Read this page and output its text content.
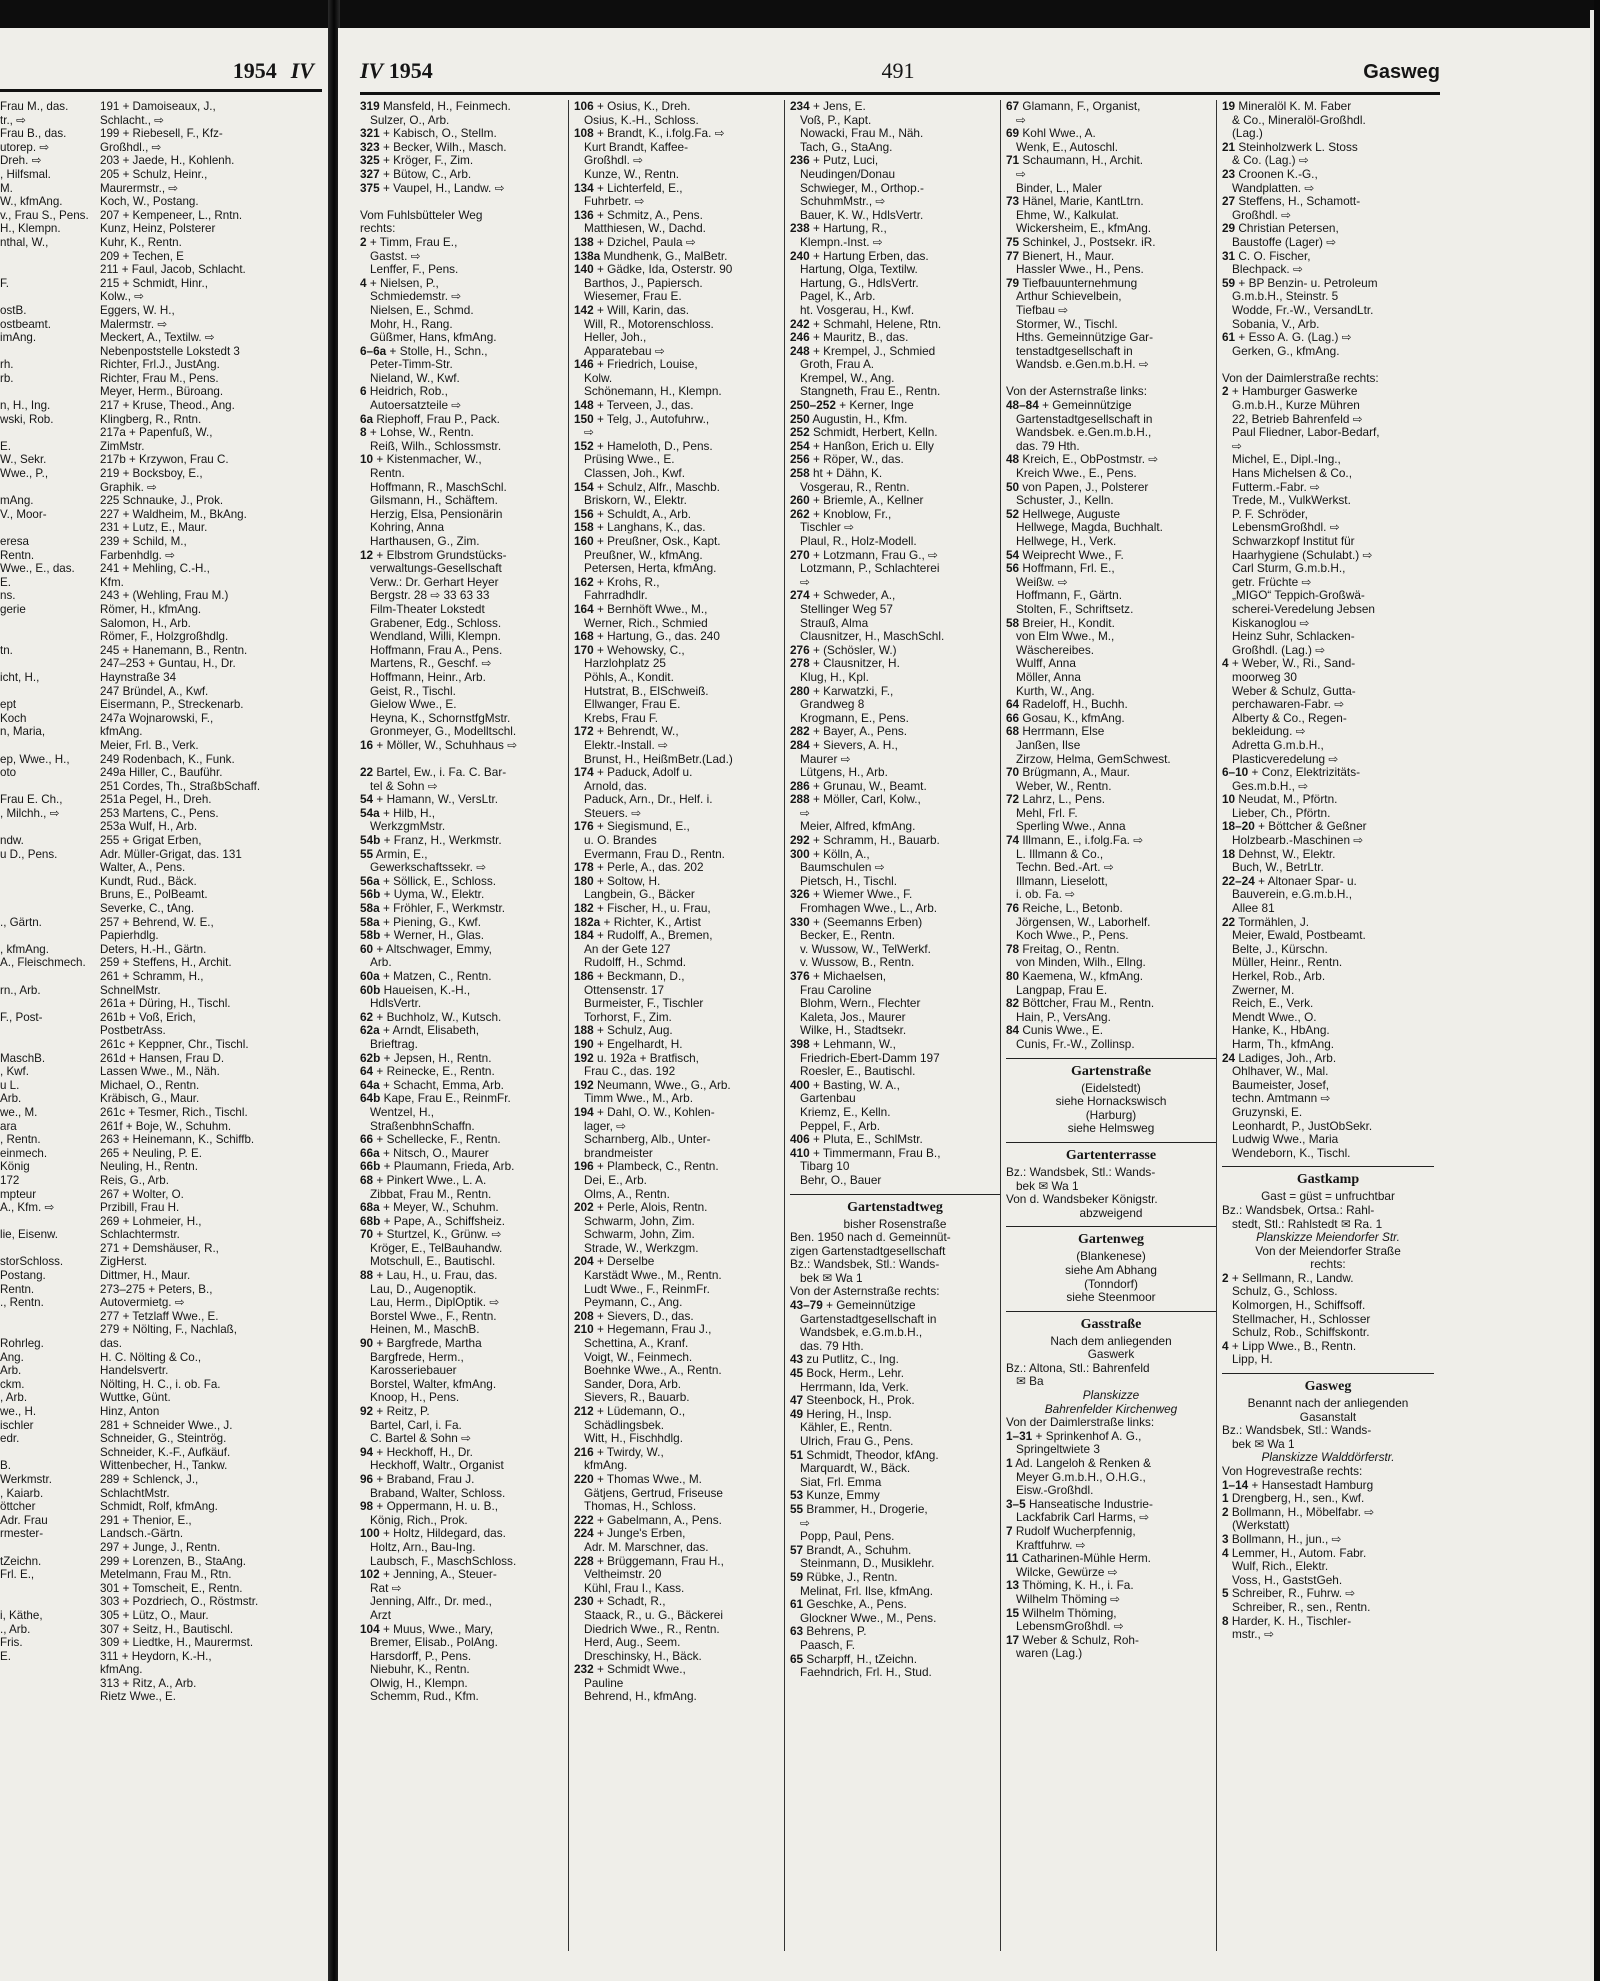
1954 IV IV 1954	491	Gasweg
Frau M., das.	191 + Damoiseaux, J.,
tr., ⇨	Schlacht., ⇨
Frau B., das.	199 + Riebesell, F., Kfz-
utorep. ⇨	Großhdl., ⇨
Dreh. ⇨	203 + Jaede, H., Kohlenh.
, Hilfsmal.	205 + Schulz, Heinr.,
M.	Maurermstr., ⇨
W., kfmAng.	Koch, W., Postang.
v., Frau S., Pens. 207 + Kempeneer, L., Rntn.
H., Klempn.	Kunz, Heinz, Polsterer
nthal, W.,	Kuhr, K., Rentn.
209 + Techen, E
211 + Faul, Jacob, Schlacht.
F.	215 + Schmidt, Hinr.,
Kolw., ⇨
ostB.	Eggers, W. H.,
ostbeamt.	Malermstr. ⇨
imAng.	Meckert, A., Textilw. ⇨
Nebenpoststelle Lokstedt 3
rh.	Richter, Frl.J., JustAng.
rb.	Richter, Frau M., Pens.
Meyer, Herm., Büroang.
n, H., Ing.	217 + Kruse, Theod., Ang.
wski, Rob.	Klingberg, R., Rntn.
217a + Papenfuß, W.,
E.	ZimMstr.
W., Sekr.	217b + Krzywon, Frau C.
Wwe., P.,	219 + Bocksboy, E.,
Graphik. ⇨
mAng.	225 Schnauke, J., Prok.
V., Moor-	227 + Waldheim, M., BkAng.
231 + Lutz, E., Maur.
eresa	239 + Schild, M.,
Rentn.	Farbenhdlg. ⇨
Wwe., E., das. 241 + Mehling, C.-H.,
E.	Kfm.
ns.	243 + (Wehling, Frau M.)
gerie	Römer, H., kfmAng.
Salomon, H., Arb.
Römer, F., Holzgroßhdlg.
tn.	245 + Hanemann, B., Rentn.
247–253 + Guntau, H., Dr.
icht, H.,	Haynstraße 34
247 Bründel, A., Kwf.
ept	Eisermann, P., Streckenarb.
Koch	247a Wojnarowski, F.,
n, Maria,	kfmAng.
Meier, Frl. B., Verk.
ep, Wwe., H.,	249 Rodenbach, K., Funk.
oto	249a Hiller, C., Bauführ.
251 Cordes, Th., StraßbSchaff.
Frau E. Ch.,	251a Pegel, H., Dreh.
, Milchh., ⇨	253 Martens, C., Pens.
253a Wulf, H., Arb.
ndw.	255 + Grigat Erben,
u D., Pens.	Adr. Müller-Grigat, das. 131
Walter, A., Pens.
Kundt, Rud., Bäck.
Bruns, E., PolBeamt.
Severke, C., tAng.
., Gärtn.	257 + Behrend, W. E.,
Papierhdlg.
, kfmAng.	Deters, H.-H., Gärtn.
A., Fleischmech. 259 + Steffens, H., Archit.
261 + Schramm, H.,
rn., Arb.	SchnelMstr.
261a + Düring, H., Tischl.
F., Post-	261b + Voß, Erich,
PostbetrAss.
261c + Keppner, Chr., Tischl.
MaschB.	261d + Hansen, Frau D.
, Kwf.	Lassen Wwe., M., Näh.
u L.	Michael, O., Rentn.
Arb.	Kräbisch, G., Maur.
we., M.	261c + Tesmer, Rich., Tischl.
ara	261f + Boje, W., Schuhm.
, Rentn.	263 + Heinemann, K., Schiffb.
einmech.	265 + Neuling, P. E.
König	Neuling, H., Rentn.
172	Reis, G., Arb.
mpteur	267 + Wolter, O.
A., Kfm. ⇨	Przibill, Frau H.
269 + Lohmeier, H.,
lie, Eisenw.	Schlachtermstr.
271 + Demshäuser, R.,
storSchloss.	ZigHerst.
Postang.	Dittmer, H., Maur.
Rentn.	273–275 + Peters, B.,
., Rentn.	Autovermietg. ⇨
277 + Tetzlaff Wwe., E.
279 + Nölting, F., Nachlaß,
Rohrleg.	das.
Ang.	H. C. Nölting & Co.,
Arb.	Handelsvertr.
ckm.	Nölting, H. C., i. ob. Fa.
, Arb.	Wuttke, Günt.
we., H.	Hinz, Anton
ischler	281 + Schneider Wwe., J.
edr.	Schneider, G., Steintrög.
Schneider, K.-F., Aufkäuf.
B.	Wittenbecher, H., Tankw.
Werkmstr.	289 + Schlenck, J.,
, Kaiarb.	SchlachtMstr.
öttcher	Schmidt, Rolf, kfmAng.
Adr. Frau	291 + Thenior, E.,
rmester-	Landsch.-Gärtn.
297 + Junge, J., Rentn.
tZeichn.	299 + Lorenzen, B., StaAng.
Frl. E.,	Metelmann, Frau M., Rtn.
301 + Tomscheit, E., Rentn.
303 + Pozdriech, O., Röstmstr.
i, Käthe,	305 + Lütz, O., Maur.
., Arb.	307 + Seitz, H., Bautischl.
Fris.	309 + Liedtke, H., Maurermst.
E.	311 + Heydorn, K.-H.,
kfmAng.
313 + Ritz, A., Arb.
Rietz Wwe., E.
319 Mansfeld, H., Feinmech.
Sulzer, O., Arb.
321 + Kabisch, O., Stellm.
323 + Becker, Wilh., Masch.
325 + Kröger, F., Zim.
327 + Bütow, C., Arb.
375 + Vaupel, H., Landw. ⇨

Vom Fuhlsbütteler Weg
rechts:
2 + Timm, Frau E.,
Gastst. ⇨
Lenffer, F., Pens.
4 + Nielsen, P.,
Schmiedemstr. ⇨
Nielsen, E., Schmd.
Mohr, H., Rang.
Güßmer, Hans, kfmAng.
6–6a + Stolle, H., Schn.,
Peter-Timm-Str.
Nieland, W., Kwf.
6 Heidrich, Rob.,
Autoersatzteile ⇨
6a Riephoff, Frau P., Pack.
8 + Lohse, W., Rentn.
Reiß, Wilh., Schlossmstr.
10 + Kistenmacher, W.,
Rentn.
Hoffmann, R., MaschSchl.
Gilsmann, H., Schäftem.
Herzig, Elsa, Pensionärin
Kohring, Anna
Harthausen, G., Zim.
12 + Elbstrom Grundstücks-
verwaltungs-Gesellschaft
Verw.: Dr. Gerhart Heyer
Bergstr. 28 ⇨ 33 63 33
Film-Theater Lokstedt
Grabener, Edg., Schloss.
Wendland, Willi, Klempn.
Hoffmann, Frau A., Pens.
Martens, R., Geschf. ⇨
Hoffmann, Heinr., Arb.
Geist, R., Tischl.
Gielow Wwe., E.
Heyna, K., SchornstfgMstr.
Gronmeyer, G., Modelltschl.
16 + Möller, W., Schuhhaus ⇨

22 Bartel, Ew., i. Fa. C. Bar-
tel & Sohn ⇨
54 + Hamann, W., VersLtr.
54a + Hilb, H.,
WerkzgmMstr.
54b + Franz, H., Werkmstr.
55 Armin, E.,
Gewerkschaftssekr. ⇨
56a + Söllick, E., Schloss.
56b + Uyma, W., Elektr.
58a + Fröhler, F., Werkmstr.
58a + Piening, G., Kwf.
58b + Werner, H., Glas.
60 + Altschwager, Emmy,
Arb.
60a + Matzen, C., Rentn.
60b Haueisen, K.-H.,
HdlsVertr.
62 + Buchholz, W., Kutsch.
62a + Arndt, Elisabeth,
Brieftrag.
62b + Jepsen, H., Rentn.
64 + Reinecke, E., Rentn.
64a + Schacht, Emma, Arb.
64b Kape, Frau E., ReinmFr.
Wentzel, H.,
StraßenbhnSchaffn.
66 + Schellecke, F., Rentn.
66a + Nitsch, O., Maurer
66b + Plaumann, Frieda, Arb.
68 + Pinkert Wwe., L. A.
Zibbat, Frau M., Rentn.
68a + Meyer, W., Schuhm.
68b + Pape, A., Schiffsheiz.
70 + Sturtzel, K., Grünw. ⇨
Kröger, E., TelBauhandw.
Motschull, E., Bautischl.
88 + Lau, H., u. Frau, das.
Lau, D., Augenoptik.
Lau, Herm., DiplOptik. ⇨
Borstel Wwe., F., Rentn.
Heinen, M., MaschB.
90 + Bargfrede, Martha
Bargfrede, Herm.,
Karosseriebauer
Borstel, Walter, kfmAng.
Knoop, H., Pens.
92 + Reitz, P.
Bartel, Carl, i. Fa.
C. Bartel & Sohn ⇨
94 + Heckhoff, H., Dr.
Heckhoff, Waltr., Organist
96 + Braband, Frau J.
Braband, Walter, Schloss.
98 + Oppermann, H. u. B.,
König, Rich., Prok.
100 + Holtz, Hildegard, das.
Holtz, Arn., Bau-Ing.
Laubsch, F., MaschSchloss.
102 + Jenning, A., Steuer-
Rat ⇨
Jenning, Alfr., Dr. med.,
Arzt
104 + Muus, Wwe., Mary,
Bremer, Elisab., PolAng.
Harsdorff, P., Pens.
Niebuhr, K., Rentn.
Olwig, H., Klempn.
Schemm, Rud., Kfm.
106 + Osius, K., Dreh.
Osius, K.-H., Schloss.
108 + Brandt, K., i.folg.Fa. ⇨
Kurt Brandt, Kaffee-
Großhdl. ⇨
Kunze, W., Rentn.
134 + Lichterfeld, E.,
Fuhrbetr. ⇨
136 + Schmitz, A., Pens.
Matthiesen, W., Dachd.
138 + Dzichel, Paula ⇨
138a Mundhenk, G., MalBetr.
140 + Gädke, Ida, Osterstr. 90
Barthos, J., Papiersch.
Wiesemer, Frau E.
142 + Will, Karin, das.
Will, R., Motorenschloss.
Heller, Joh.,
Apparatebau ⇨
146 + Friedrich, Louise,
Kolw.
Schönemann, H., Klempn.
148 + Terveen, J., das.
150 + Telg, J., Autofuhrw.,
⇨
152 + Hameloth, D., Pens.
Prüsing Wwe., E.
Classen, Joh., Kwf.
154 + Schulz, Alfr., Maschb.
Briskorn, W., Elektr.
156 + Schuldt, A., Arb.
158 + Langhans, K., das.
160 + Preußner, Osk., Kapt.
Preußner, W., kfmAng.
Petersen, Herta, kfmAng.
162 + Krohs, R.,
Fahrradhdlr.
164 + Bernhöft Wwe., M.,
Werner, Rich., Schmied
168 + Hartung, G., das. 240
170 + Wehowsky, C.,
Harzlohplatz 25
Pöhls, A., Kondit.
Hutstrat, B., ElSchweiß.
Ellwanger, Frau E.
Krebs, Frau F.
172 + Behrendt, W.,
Elektr.-Install. ⇨
Brunst, H., HeißmBetr.(Lad.)
174 + Paduck, Adolf u.
Arnold, das.
Paduck, Arn., Dr., Helf. i.
Steuers. ⇨
176 + Siegismund, E.,
u. O. Brandes
Evermann, Frau D., Rentn.
178 + Perle, A., das. 202
180 + Soltow, H.
Langbein, G., Bäcker
182 + Fischer, H., u. Frau,
182a + Richter, K., Artist
184 + Rudolff, A., Bremen,
An der Gete 127
Rudolff, H., Schmd.
186 + Beckmann, D.,
Ottensenstr. 17
Burmeister, F., Tischler
Torhorst, F., Zim.
188 + Schulz, Aug.
190 + Engelhardt, H.
192 u. 192a + Bratfisch,
Frau C., das. 192
192 Neumann, Wwe., G., Arb.
Timm Wwe., M., Arb.
194 + Dahl, O. W., Kohlen-
lager, ⇨
Scharnberg, Alb., Unter-
brandmeister
196 + Plambeck, C., Rentn.
Dei, E., Arb.
Olms, A., Rentn.
202 + Perle, Alois, Rentn.
Schwarm, John, Zim.
Schwarm, John, Zim.
Strade, W., Werkzgm.
204 + Derselbe
Karstädt Wwe., M., Rentn.
Ludt Wwe., F., ReinmFr.
Peymann, C., Ang.
208 + Sievers, D., das.
210 + Hegemann, Frau J.,
Schettina, A., Kranf.
Voigt, W., Feinmech.
Boehnke Wwe., A., Rentn.
Sander, Dora, Arb.
Sievers, R., Bauarb.
212 + Lüdemann, O.,
Schädlingsbek.
Witt, H., Fischhdlg.
216 + Twirdy, W.,
kfmAng.
220 + Thomas Wwe., M.
Gätjens, Gertrud, Friseuse
Thomas, H., Schloss.
222 + Gabelmann, A., Pens.
224 + Junge's Erben,
Adr. M. Marschner, das.
228 + Brüggemann, Frau H.,
Veltheimstr. 20
Kühl, Frau I., Kass.
230 + Schadt, R.,
Staack, R., u. G., Bäckerei
Diedrich Wwe., R., Rentn.
Herd, Aug., Seem.
Dreschinsky, H., Bäck.
232 + Schmidt Wwe.,
Pauline
Behrend, H., kfmAng.
234 + Jens, E.
Voß, P., Kapt.
Nowacki, Frau M., Näh.
Tach, G., StaAng.
236 + Putz, Luci,
Neudingen/Donau
Schwieger, M., Orthop.-
SchuhmMstr., ⇨
Bauer, K. W., HdlsVertr.
238 + Hartung, R.,
Klempn.-Inst. ⇨
240 + Hartung Erben, das.
Hartung, Olga, Textilw.
Hartung, G., HdlsVertr.
Pagel, K., Arb.
ht. Vosgerau, H., Kwf.
242 + Schmahl, Helene, Rtn.
246 + Mauritz, B., das.
248 + Krempel, J., Schmied
Groth, Frau A.
Krempel, W., Ang.
Stangneth, Frau E., Rentn.
250–252 + Kerner, Inge
250 Augustin, H., Kfm.
252 Schmidt, Herbert, Kelln.
254 + Hanßon, Erich u. Elly
256 + Röper, W., das.
258 ht + Dähn, K.
Vosgerau, R., Rentn.
260 + Briemle, A., Kellner
262 + Knoblow, Fr.,
Tischler ⇨
Plaul, R., Holz-Modell.
270 + Lotzmann, Frau G., ⇨
Lotzmann, P., Schlachterei
⇨
274 + Schweder, A.,
Stellinger Weg 57
Strauß, Alma
Clausnitzer, H., MaschSchl.
276 + (Schösler, W.)
278 + Clausnitzer, H.
Klug, H., Kpl.
280 + Karwatzki, F.,
Grandweg 8
Krogmann, E., Pens.
282 + Bayer, A., Pens.
284 + Sievers, A. H.,
Maurer ⇨
Lütgens, H., Arb.
286 + Grunau, W., Beamt.
288 + Möller, Carl, Kolw.,
⇨
Meier, Alfred, kfmAng.
292 + Schramm, H., Bauarb.
300 + Kölln, A.,
Baumschulen ⇨
Pietsch, H., Tischl.
326 + Wiemer Wwe., F.
Fromhagen Wwe., L., Arb.
330 + (Seemanns Erben)
Becker, E., Rentn.
v. Wussow, W., TelWerkf.
v. Wussow, B., Rentn.
376 + Michaelsen,
Frau Caroline
Blohm, Wern., Flechter
Kaleta, Jos., Maurer
Wilke, H., Stadtsekr.
398 + Lehmann, W.,
Friedrich-Ebert-Damm 197
Roesler, E., Bautischl.
400 + Basting, W. A.,
Gartenbau
Kriemz, E., Kelln.
Peppel, F., Arb.
406 + Pluta, E., SchlMstr.
410 + Timmermann, Frau B.,
Tibarg 10
Behr, O., Bauer
Gartenstadtweg
bisher Rosenstraße
Ben. 1950 nach d. Gemeinnüt-
zigen Gartenstadtgesellschaft
Bz.: Wandsbek, Stl.: Wands-
bek ✉ Wa 1
Von der Asternstraße rechts:
43–79 + Gemeinnützige
Gartenstadtgesellschaft in
Wandsbek, e.G.m.b.H.,
das. 79 Hth.
43 zu Putlitz, C., Ing.
45 Bock, Herm., Lehr.
Herrmann, Ida, Verk.
47 Steenbock, H., Prok.
49 Hering, H., Insp.
Kähler, E., Rentn.
Ulrich, Frau G., Pens.
51 Schmidt, Theodor, kfAng.
Marquardt, W., Bäck.
Siat, Frl. Emma
53 Kunze, Emmy
55 Brammer, H., Drogerie,
⇨
Popp, Paul, Pens.
57 Brandt, A., Schuhm.
Steinmann, D., Musiklehr.
59 Rübke, J., Rentn.
Melinat, Frl. Ilse, kfmAng.
61 Geschke, A., Pens.
Glockner Wwe., M., Pens.
63 Behrens, P.
Paasch, F.
65 Scharpff, H., tZeichn.
Faehndrich, Frl. H., Stud.
67 Glamann, F., Organist,
⇨
69 Kohl Wwe., A.
Wenk, E., Autoschl.
71 Schaumann, H., Archit.
⇨
Binder, L., Maler
73 Hänel, Marie, KantLtrn.
Ehme, W., Kalkulat.
Wickersheim, E., kfmAng.
75 Schinkel, J., Postsekr. iR.
77 Bienert, H., Maur.
Hassler Wwe., H., Pens.
79 Tiefbauunternehmung
Arthur Schievelbein,
Tiefbau ⇨
Stormer, W., Tischl.
Hths. Gemeinnützige Gar-
tenstadtgesellschaft in
Wandsb. e.Gen.m.b.H. ⇨

Von der Asternstraße links:
48–84 + Gemeinnützige
Gartenstadtgesellschaft in
Wandsbek. e.Gen.m.b.H.,
das. 79 Hth.
48 Kreich, E., ObPostmstr. ⇨
Kreich Wwe., E., Pens.
50 von Papen, J., Polsterer
Schuster, J., Kelln.
52 Hellwege, Auguste
Hellwege, Magda, Buchhalt.
Hellwege, H., Verk.
54 Weiprecht Wwe., F.
56 Hoffmann, Frl. E.,
Weißw. ⇨
Hoffmann, F., Gärtn.
Stolten, F., Schriftsetz.
58 Breier, H., Kondit.
von Elm Wwe., M.,
Wäschereibes.
Wulff, Anna
Möller, Anna
Kurth, W., Ang.
64 Radeloff, H., Buchh.
66 Gosau, K., kfmAng.
68 Herrmann, Else
Janßen, Ilse
Zirzow, Helma, GemSchwest.
70 Brügmann, A., Maur.
Weber, W., Rentn.
72 Lahrz, L., Pens.
Mehl, Frl. F.
Sperling Wwe., Anna
74 Illmann, E., i.folg.Fa. ⇨
L. Illmann & Co.,
Techn. Bed.-Art. ⇨
Illmann, Lieselott,
i. ob. Fa. ⇨
76 Reiche, L., Betonb.
Jörgensen, W., Laborhelf.
Koch Wwe., P., Pens.
78 Freitag, O., Rentn.
von Minden, Wilh., Ellng.
80 Kaemena, W., kfmAng.
Langpap, Frau E.
82 Böttcher, Frau M., Rentn.
Hain, P., VersAng.
84 Cunis Wwe., E.
Cunis, Fr.-W., Zollinsp.
Gartenstraße
(Eidelstedt)
siehe Hornackswisch
(Harburg)
siehe Helmsweg
Gartenterrasse
Bz.: Wandsbek, Stl.: Wands-
bek ✉ Wa 1
Von d. Wandsbeker Königstr.
abzweigend
Gartenweg
(Blankenese)
siehe Am Abhang
(Tonndorf)
siehe Steenmoor
Gasstraße
Nach dem anliegenden
Gaswerk
Bz.: Altona, Stl.: Bahrenfeld
✉ Ba
Planskizze
Bahrenfelder Kirchenweg
Von der Daimlerstraße links:
1–31 + Sprinkenhof A. G.,
Springeltwiete 3
1 Ad. Langeloh & Renken &
Meyer G.m.b.H., O.H.G.,
Eisw.-Großhdl.
3–5 Hanseatische Industrie-
Lackfabrik Carl Harms, ⇨
7 Rudolf Wucherpfennig,
Kraftfuhrw. ⇨
11 Catharinen-Mühle Herm.
Wilcke, Gewürze ⇨
13 Thöming, K. H., i. Fa.
Wilhelm Thöming ⇨
15 Wilhelm Thöming,
LebensmGroßhdl. ⇨
17 Weber & Schulz, Roh-
waren (Lag.)
19 Mineralöl K. M. Faber
& Co., Mineralöl-Großhdl.
(Lag.)
21 Steinholzwerk L. Stoss
& Co. (Lag.) ⇨
23 Croonen K.-G.,
Wandplatten. ⇨
27 Steffens, H., Schamott-
Großhdl. ⇨
29 Christian Petersen,
Baustoffe (Lager) ⇨
31 C. O. Fischer,
Blechpack. ⇨
59 + BP Benzin- u. Petroleum
G.m.b.H., Steinstr. 5
Wodde, Fr.-W., VersandLtr.
Sobania, V., Arb.
61 + Esso A. G. (Lag.) ⇨
Gerken, G., kfmAng.

Von der Daimlerstraße rechts:
2 + Hamburger Gaswerke
G.m.b.H., Kurze Mühren
22, Betrieb Bahrenfeld ⇨
Paul Fliedner, Labor-Bedarf,
⇨
Michel, E., Dipl.-Ing.,
Hans Michelsen & Co.,
Futterm.-Fabr. ⇨
Trede, M., VulkWerkst.
P. F. Schröder,
LebensmGroßhdl. ⇨
Schwarzkopf Institut für
Haarhygiene (Schulabt.) ⇨
Carl Sturm, G.m.b.H.,
getr. Früchte ⇨
„MIGO“ Teppich-Großwä-
scherei-Veredelung Jebsen
Kiskanoglou ⇨
Heinz Suhr, Schlacken-
Großhdl. (Lag.) ⇨
4 + Weber, W., Ri., Sand-
moorweg 30
Weber & Schulz, Gutta-
perchawaren-Fabr. ⇨
Alberty & Co., Regen-
bekleidung. ⇨
Adretta G.m.b.H.,
Plasticveredelung ⇨
6–10 + Conz, Elektrizitäts-
Ges.m.b.H., ⇨
10 Neudat, M., Pförtn.
Lieber, Ch., Pförtn.
18–20 + Böttcher & Geßner
Holzbearb.-Maschinen ⇨
18 Dehnst, W., Elektr.
Buch, W., BetrLtr.
22–24 + Altonaer Spar- u.
Bauverein, e.G.m.b.H.,
Allee 81
22 Tormählen, J.
Meier, Ewald, Postbeamt.
Belte, J., Kürschn.
Müller, Heinr., Rentn.
Herkel, Rob., Arb.
Zwerner, M.
Reich, E., Verk.
Mendt Wwe., O.
Hanke, K., HbAng.
Harm, Th., kfmAng.
24 Ladiges, Joh., Arb.
Ohlhaver, W., Mal.
Baumeister, Josef,
techn. Amtmann ⇨
Gruzynski, E.
Leonhardt, P., JustObSekr.
Ludwig Wwe., Maria
Wendeborn, K., Tischl.
Gastkamp
Gast = güst = unfruchtbar
Bz.: Wandsbek, Ortsa.: Rahl-
stedt, Stl.: Rahlstedt ✉ Ra. 1
Planskizze Meiendorfer Str.
Von der Meiendorfer Straße
rechts:
2 + Sellmann, R., Landw.
Schulz, G., Schloss.
Kolmorgen, H., Schiffsoff.
Stellmacher, H., Schlosser
Schulz, Rob., Schiffskontr.
4 + Lipp Wwe., B., Rentn.
Lipp, H.
Gasweg
Benannt nach der anliegenden
Gasanstalt
Bz.: Wandsbek, Stl.: Wands-
bek ✉ Wa 1
Planskizze Walddörferstr.
Von Hogrevestraße rechts:
1–14 + Hansestadt Hamburg
1 Drengberg, H., sen., Kwf.
2 Bollmann, H., Möbelfabr. ⇨
(Werkstatt)
3 Bollmann, H., jun., ⇨
4 Lemmer, H., Autom. Fabr.
Wulf, Rich., Elektr.
Voss, H., GaststGeh.
5 Schreiber, R., Fuhrw. ⇨
Schreiber, R., sen., Rentn.
8 Harder, K. H., Tischler-
mstr., ⇨
